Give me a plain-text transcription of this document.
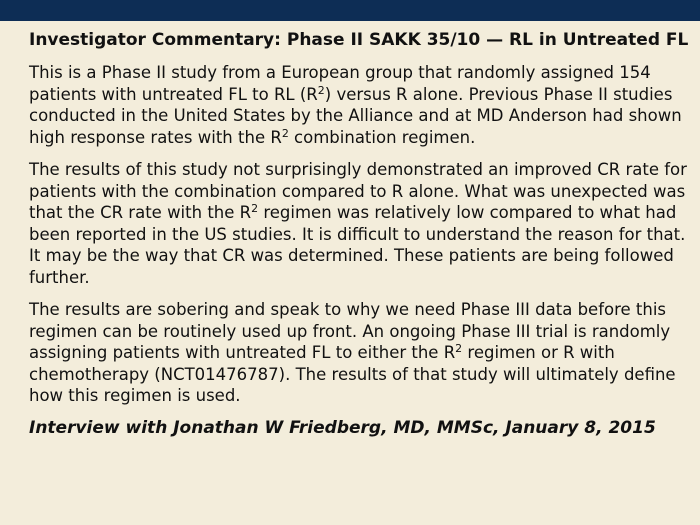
Investigator Commentary: Phase II SAKK 35/10 — RL in Untreated FL
This is a Phase II study from a European group that randomly assigned 154 patients with untreated FL to RL $(R^2)$ versus R alone. Previous Phase II studies conducted in the United States by the Alliance and at MD Anderson had shown high response rates with the $R^2$ combination regimen.
The results of this study not surprisingly demonstrated an improved CR rate for patients with the combination compared to R alone. What was unexpected was that the CR rate with the $R^2$ regimen was relatively low compared to what had been reported in the US studies. It is difficult to understand the reason for that. It may be the way that CR was determined. These patients are being followed further.
The results are sobering and speak to why we need Phase III data before this regimen can be routinely used up front. An ongoing Phase III trial is randomly assigning patients with untreated FL to either the $R^2$ regimen or R with chemotherapy (NCT01476787). The results of that study will ultimately define how this regimen is used.
Interview with Jonathan W Friedberg, MD, MMSc, January 8, 2015
